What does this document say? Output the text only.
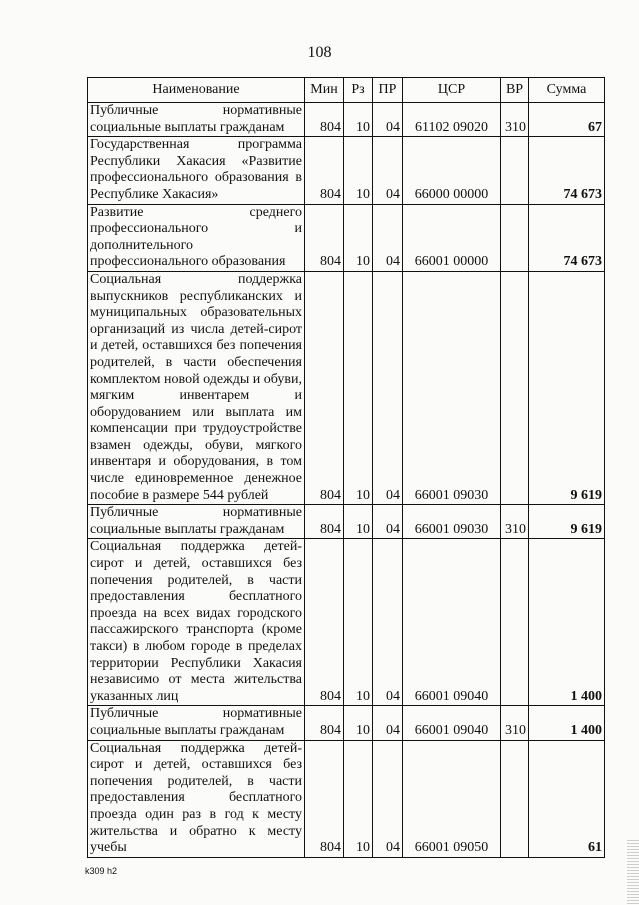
108
Наименование	Мин	Рз	ПР	ЦСР	ВР	Сумма
Публичные нормативные социальные выплаты гражданам	804	10	04	61102 09020	310	67
Государственная программа Республики Хакасия «Развитие профессионального образования в Республике Хакасия»	804	10	04	66000 00000		74 673
Развитие среднего профессионального и дополнительного профессионального образования	804	10	04	66001 00000		74 673
Социальная поддержка выпускников республиканских и муниципальных образовательных организаций из числа детей-сирот и детей, оставшихся без попечения родителей, в части обеспечения комплектом новой одежды и обуви, мягким инвентарем и оборудованием или выплата им компенсации при трудоустройстве взамен одежды, обуви, мягкого инвентаря и оборудования, в том числе единовременное денежное пособие в размере 544 рублей	804	10	04	66001 09030		9 619
Публичные нормативные социальные выплаты гражданам	804	10	04	66001 09030	310	9 619
Социальная поддержка детей-сирот и детей, оставшихся без попечения родителей, в части предоставления бесплатного проезда на всех видах городского пассажирского транспорта (кроме такси) в любом городе в пределах территории Республики Хакасия независимо от места жительства указанных лиц	804	10	04	66001 09040		1 400
Публичные нормативные социальные выплаты гражданам	804	10	04	66001 09040	310	1 400
Социальная поддержка детей-сирот и детей, оставшихся без попечения родителей, в части предоставления бесплатного проезда один раз в год к месту жительства и обратно к месту учебы	804	10	04	66001 09050		61
k309 h2
